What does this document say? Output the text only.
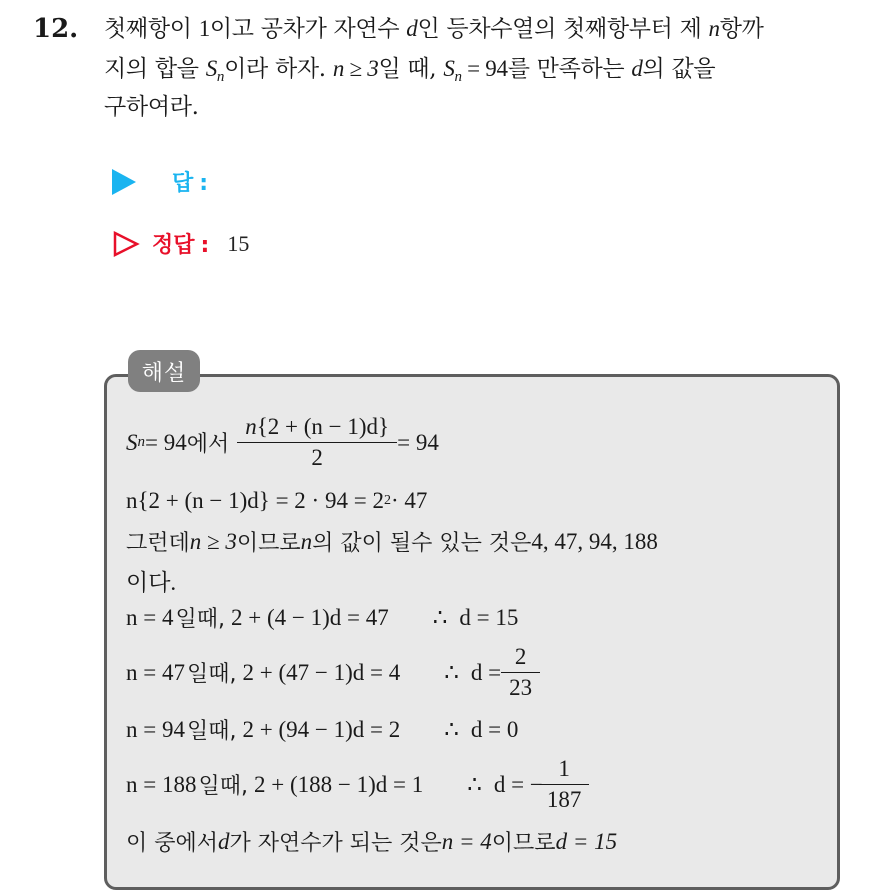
12. 첫째항이 1이고 공차가 자연수 d인 등차수열의 첫째항부터 제 n항까
지의 합을 $S_n$이라 하자. n ≥ 3일 때, $S_n = 94$를 만족하는 d의 값을
구하여라.
답 :
정답 : 15
해설
S n = 94 에서 $\frac{n\{2 + (n - 1)d\}}{2} = 94$
n{2 + (n − 1)d} = 2 · 94 = 2 2 · 47
그런데 n ≥ 3 이므로 n 의 값이 될수 있는 것은 4, 47, 94, 188
이다.
n = 4 일때, 2 + (4 − 1)d = 47 ∴ d = 15
n = 47 일때, 2 + (47 − 1)d = 4 ∴ $d = \frac{2}{23}$
n = 94 일때, 2 + (94 − 1)d = 2 ∴ d = 0
n = 188 일때, 2 + (188 − 1)d = 1 ∴ d = − $\frac{1}{187}$
이 중에서 d 가 자연수가 되는 것은 n = 4 이므로 d = 15
